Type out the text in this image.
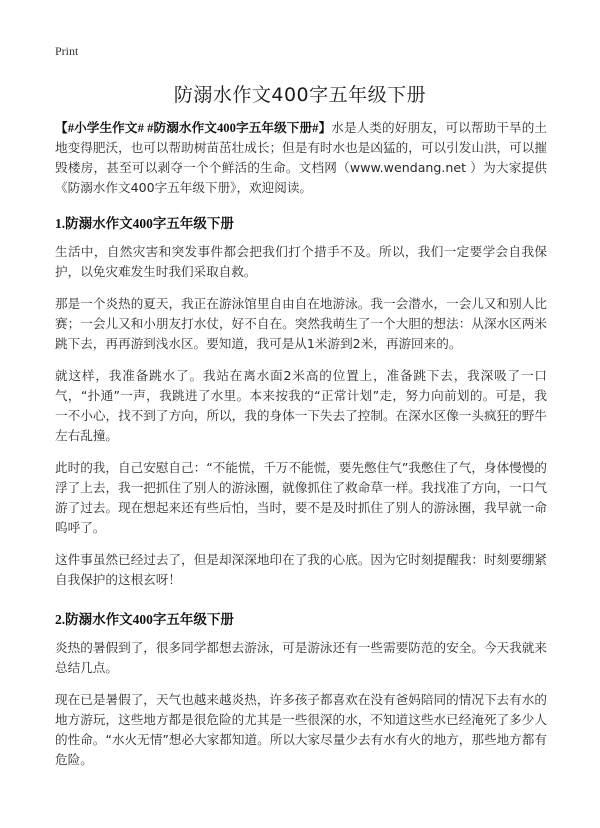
Print
防溺水作文400字五年级下册

【#小学生作文# #防溺水作文400字五年级下册#】水是人类的好朋友，可以帮助干旱的土地变得肥沃，也可以帮助树苗茁壮成长；但是有时水也是凶猛的，可以引发山洪，可以摧毁楼房，甚至可以剥夺一个个鲜活的生命。文档网（www.wendang.net ）为大家提供《防溺水作文400字五年级下册》，欢迎阅读。

1.防溺水作文400字五年级下册

生活中，自然灾害和突发事件都会把我们打个措手不及。所以，我们一定要学会自我保护，以免灾难发生时我们采取自救。

那是一个炎热的夏天，我正在游泳馆里自由自在地游泳。我一会潜水，一会儿又和别人比赛；一会儿又和小朋友打水仗，好不自在。突然我萌生了一个大胆的想法：从深水区两米跳下去，再再游到浅水区。要知道，我可是从1米游到2米，再游回来的。

就这样，我准备跳水了。我站在离水面2米高的位置上，准备跳下去，我深吸了一口气，“扑通”一声，我跳进了水里。本来按我的“正常计划”走，努力向前划的。可是，我一不小心，找不到了方向，所以，我的身体一下失去了控制。在深水区像一头疯狂的野牛左右乱撞。

此时的我，自己安慰自己：“不能慌，千万不能慌，要先憋住气”我憋住了气，身体慢慢的浮了上去，我一把抓住了别人的游泳圈，就像抓住了救命草一样。我找准了方向，一口气游了过去。现在想起来还有些后怕，当时，要不是及时抓住了别人的游泳圈，我早就一命呜呼了。

这件事虽然已经过去了，但是却深深地印在了我的心底。因为它时刻提醒我：时刻要绷紧自我保护的这根玄呀！

2.防溺水作文400字五年级下册

炎热的暑假到了，很多同学都想去游泳，可是游泳还有一些需要防范的安全。今天我就来总结几点。

现在已是暑假了，天气也越来越炎热，许多孩子都喜欢在没有爸妈陪同的情况下去有水的地方游玩，这些地方都是很危险的尤其是一些很深的水，不知道这些水已经淹死了多少人的性命。“水火无情”想必大家都知道。所以大家尽量少去有水有火的地方，那些地方都有危险。
